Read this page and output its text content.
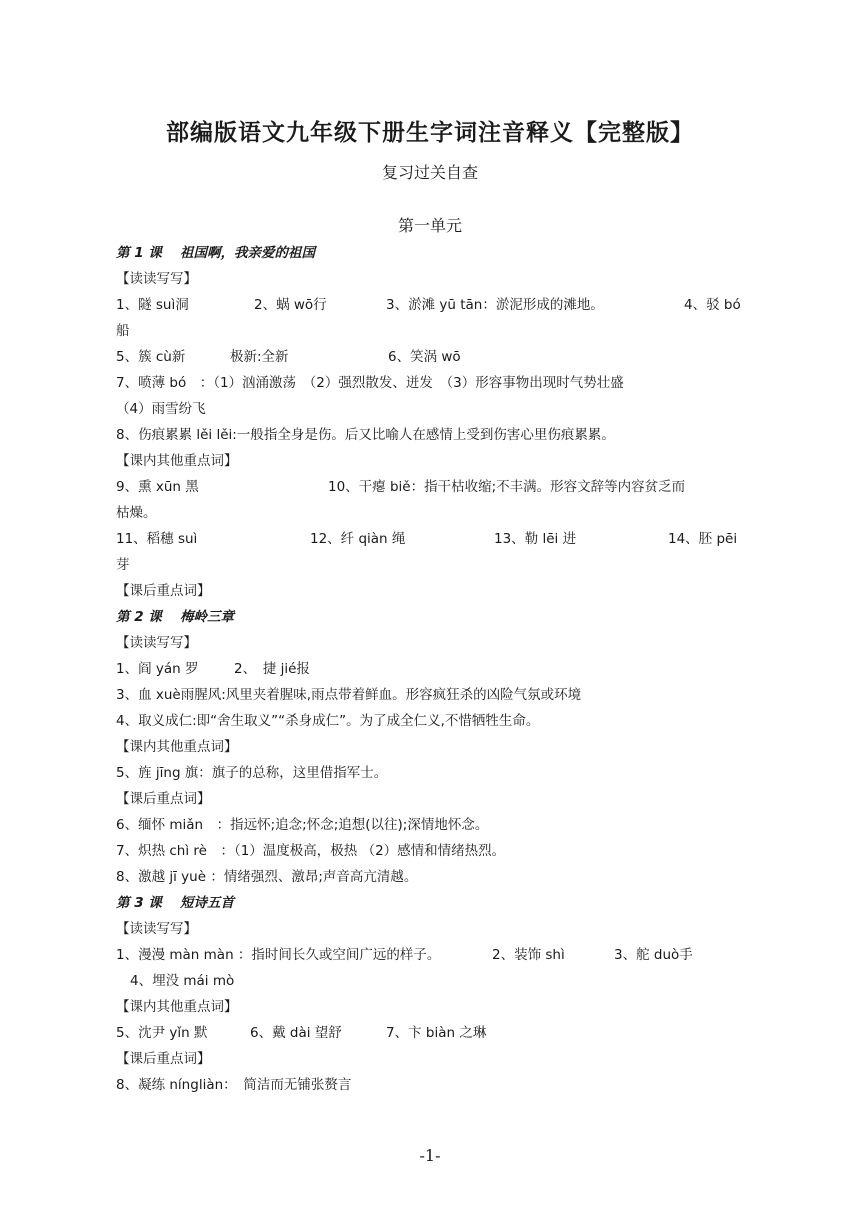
部编版语文九年级下册生字词注音释义【完整版】
复习过关自查
第一单元
第 1 课　 祖国啊，我亲爱的祖国
【读读写写】
1、隧 suì洞	2、蜗 wō行	3、淤滩 yū tān：淤泥形成的滩地。	4、驳 bó
船
5、簇 cù新	极新:全新	6、笑涡 wō
7、喷薄 bó　：（1）汹涌激荡　（2）强烈散发、迸发　（3）形容事物出现时气势壮盛
（4）雨雪纷飞
8、伤痕累累 lěi lěi:一般指全身是伤。后又比喻人在感情上受到伤害心里伤痕累累。
【课内其他重点词】
9、熏 xūn 黑	10、干瘪 biě：指干枯收缩;不丰满。形容文辞等内容贫乏而
枯燥。
11、稻穗 suì	12、纤 qiàn 绳	13、勒 lēi 进	14、胚 pēi
芽
【课后重点词】
第 2 课　 梅岭三章
【读读写写】
1、阎 yán 罗	2、　捷 jié报
3、血 xuè雨腥风:风里夹着腥味,雨点带着鲜血。形容疯狂杀的凶险气氛或环境
4、取义成仁:即“舍生取义”“杀身成仁”。为了成全仁义,不惜牺牲生命。
【课内其他重点词】
5、旌 jīng 旗：旗子的总称，这里借指军士。
【课后重点词】
6、缅怀 miǎn　：指远怀;追念;怀念;追想(以往);深情地怀念。
7、炽热 chì rè　：（1）温度极高，极热 （2）感情和情绪热烈。
8、激越 jī yuè ：情绪强烈、激昂;声音高亢清越。
第 3 课　 短诗五首
【读读写写】
1、漫漫 màn màn ：指时间长久或空间广远的样子。	2、装饰 shì	3、舵 duò手
4、埋没 mái mò
【课内其他重点词】
5、沈尹 yǐn 默	6、戴 dài 望舒	7、卞 biàn 之琳
【课后重点词】
8、凝练 níngliàn：　简洁而无铺张赘言
-1-
